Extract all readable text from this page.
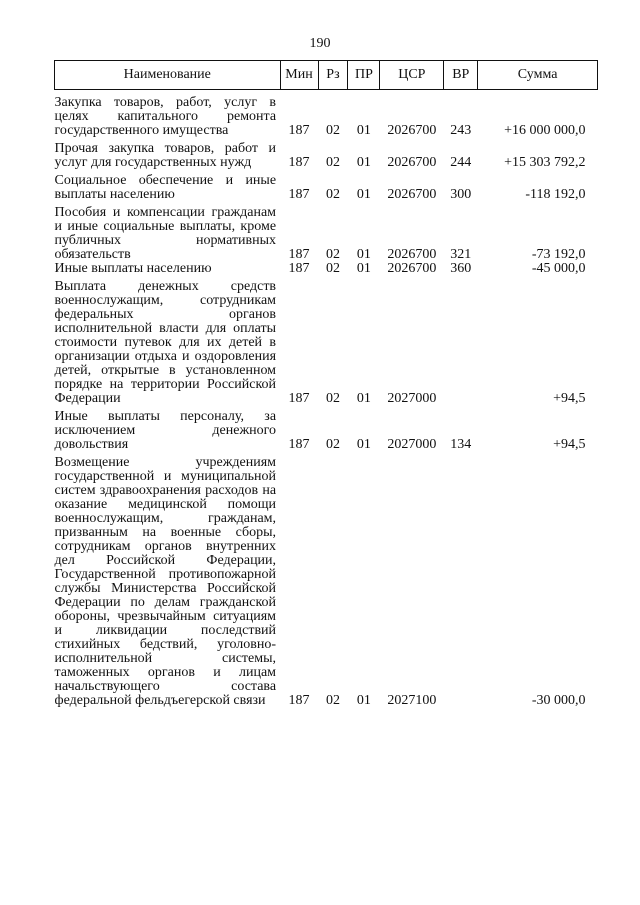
190
Наименование	Мин	Рз	ПР	ЦСР	ВР	Сумма
Закупка товаров, работ, услуг в целях капитального ремонта государственного имущества	187	02	01	2026700	243	+16 000 000,0
Прочая закупка товаров, работ и услуг для государственных нужд	187	02	01	2026700	244	+15 303 792,2
Социальное обеспечение и иные выплаты населению	187	02	01	2026700	300	-118 192,0
Пособия и компенсации гражданам и иные социальные выплаты, кроме публичных нормативных обязательств	187	02	01	2026700	321	-73 192,0
Иные выплаты населению	187	02	01	2026700	360	-45 000,0
Выплата денежных средств военнослужащим, сотрудникам федеральных органов исполнительной власти для оплаты стоимости путевок для их детей в организации отдыха и оздоровления детей, открытые в установленном порядке на территории Российской Федерации	187	02	01	2027000		+94,5
Иные выплаты персоналу, за исключением денежного довольствия	187	02	01	2027000	134	+94,5
Возмещение учреждениям государственной и муниципальной систем здравоохранения расходов на оказание медицинской помощи военнослужащим, гражданам, призванным на военные сборы, сотрудникам органов внутренних дел Российской Федерации, Государственной противопожарной службы Министерства Российской Федерации по делам гражданской обороны, чрезвычайным ситуациям и ликвидации последствий стихийных бедствий, уголовно-исполнительной системы, таможенных органов и лицам начальствующего состава федеральной фельдъегерской связи	187	02	01	2027100		-30 000,0
